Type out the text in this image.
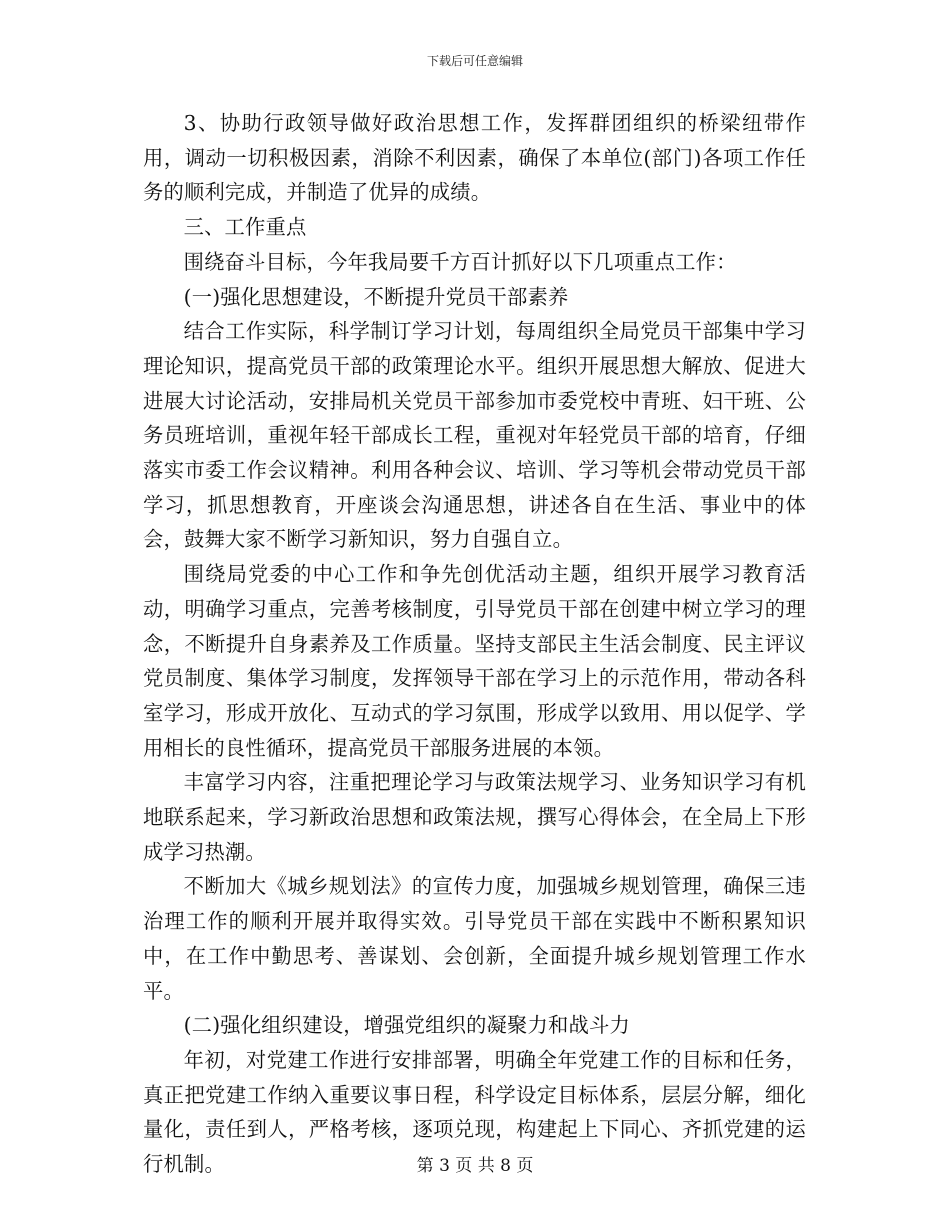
下载后可任意编辑

3、协助行政领导做好政治思想工作，发挥群团组织的桥梁纽带作用，调动一切积极因素，消除不利因素，确保了本单位(部门)各项工作任务的顺利完成，并制造了优异的成绩。

三、工作重点

围绕奋斗目标，今年我局要千方百计抓好以下几项重点工作：

(一)强化思想建设，不断提升党员干部素养

结合工作实际，科学制订学习计划，每周组织全局党员干部集中学习理论知识，提高党员干部的政策理论水平。组织开展思想大解放、促进大进展大讨论活动，安排局机关党员干部参加市委党校中青班、妇干班、公务员班培训，重视年轻干部成长工程，重视对年轻党员干部的培育，仔细落实市委工作会议精神。利用各种会议、培训、学习等机会带动党员干部学习，抓思想教育，开座谈会沟通思想，讲述各自在生活、事业中的体会，鼓舞大家不断学习新知识，努力自强自立。

围绕局党委的中心工作和争先创优活动主题，组织开展学习教育活动，明确学习重点，完善考核制度，引导党员干部在创建中树立学习的理念，不断提升自身素养及工作质量。坚持支部民主生活会制度、民主评议党员制度、集体学习制度，发挥领导干部在学习上的示范作用，带动各科室学习，形成开放化、互动式的学习氛围，形成学以致用、用以促学、学用相长的良性循环，提高党员干部服务进展的本领。

丰富学习内容，注重把理论学习与政策法规学习、业务知识学习有机地联系起来，学习新政治思想和政策法规，撰写心得体会，在全局上下形成学习热潮。

不断加大《城乡规划法》的宣传力度，加强城乡规划管理，确保三违治理工作的顺利开展并取得实效。引导党员干部在实践中不断积累知识中，在工作中勤思考、善谋划、会创新，全面提升城乡规划管理工作水平。

(二)强化组织建设，增强党组织的凝聚力和战斗力

年初，对党建工作进行安排部署，明确全年党建工作的目标和任务，真正把党建工作纳入重要议事日程，科学设定目标体系，层层分解，细化量化，责任到人，严格考核，逐项兑现，构建起上下同心、齐抓党建的运行机制。	第 3 页 共 8 页
